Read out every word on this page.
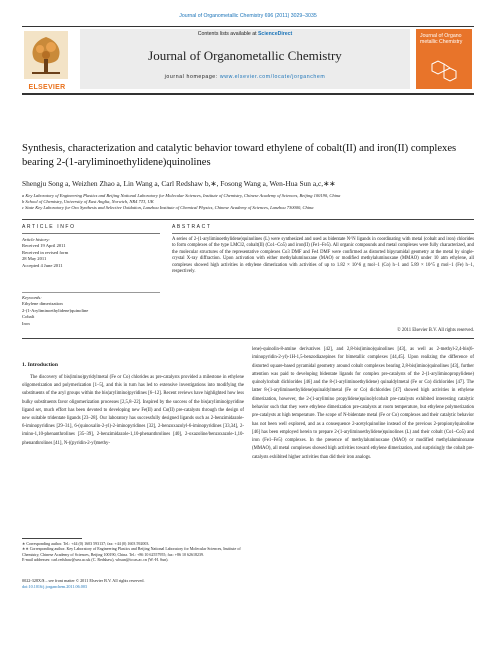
Journal of Organometallic Chemistry 696 (2011) 3029–3035
ELSEVIER
Contents lists available at ScienceDirect
Journal of Organometallic Chemistry
journal homepage: www.elsevier.com/locate/jorganchem
Journal of Organo metallic Chemistry
Synthesis, characterization and catalytic behavior toward ethylene of cobalt(II) and iron(II) complexes bearing 2-(1-aryliminoethylidene)quinolines
Shengju Song a, Weizhen Zhao a, Lin Wang a, Carl Redshaw b,∗, Fosong Wang a, Wen-Hua Sun a,c,∗∗
a Key Laboratory of Engineering Plastics and Beijing National Laboratory for Molecular Sciences, Institute of Chemistry, Chinese Academy of Sciences, Beijing 100190, China
b School of Chemistry, University of East Anglia, Norwich, NR4 7TJ, UK
c State Key Laboratory for Oxo Synthesis and Selective Oxidation, Lanzhou Institute of Chemical Physics, Chinese Academy of Sciences, Lanzhou 730000, China
ARTICLE INFO	ABSTRACT
Article history:
Received 19 April 2011
Received in revised form
28 May 2011
Accepted 4 June 2011
Keywords:
Ethylene dimerization
2-(1-Aryliminoethylidene)quinoline
Cobalt
Iron
A series of 2-(1-aryliminoethylidene)quinolines (L) were synthesized and used as bidentate N^N ligands in coordinating with metal (cobalt and iron) chlorides to form complexes of the type LMCl2, cobalt(II) (Co1–Co5) and iron(II) (Fe1–Fe5). All organic compounds and metal complexes were fully characterized, and the molecular structures of the representative complexes Co3 DMF and Fe4 DMF were confirmed as distorted bipyramidal geometry at the metal by single-crystal X-ray diffraction. Upon activation with either methylaluminoxane (MAO) or modified methylaluminoxane (MMAO) under 10 atm ethylene, all complexes showed high activities in ethylene dimerization with activities of up to 1.82 × 10^6 g mol−1 (Co) h−1 and 5.89 × 10^5 g mol−1 (Fe) h−1, respectively.
© 2011 Elsevier B.V. All rights reserved.
1. Introduction
The discovery of bis(imino)pyridylmetal (Fe or Co) chlorides as pre-catalysts provided a milestone in ethylene oligomerization and polymerization [1–5], and this in turn has led to extensive investigations into modifying the substituents of the aryl groups within the bis(arylimino)pyridines [6–12]. Recent reviews have highlighted how less bulky substituents favor oligomerization processes [2,5,8–22]. Inspired by the success of the bis(arylimino)pyridine ligand set, much effort has been devoted to developing new Fe(II) and Co(II) pre-catalysts through the design of new suitable tridentate ligands [23–28]. Our laboratory has successfully designed ligands such as 2-benzimidazole-6-iminopyridines [29–31], 6-(quinoxalin-2-yl)-2-iminopyridines [32], 2-benzoxazolyl-6-iminopyridines [33,34], 2-imino-1,10-phenanthrolines [35–39], 2-benzimidazole-1,10-phenanthrolines [40], 2-oxazoline/benzoxazole-1,10-phenanthrolines [41], N-((pyridin-2-yl)methy-
lene)-quinolin-8-amine derivatives [42], and 2,8-bis(imino)quinolines [43], as well as 2-methyl-2,4-bis(6-iminopyridin-2-yl)-1H-1,5-benzodiazepines for bimetallic complexes [44,45]. Upon realizing the difference of distorted square-based pyramidal geometry around cobalt complexes bearing 2,8-bis(imino)quinolines [43], further attention was paid to developing bidentate ligands for complex pre-catalysts of the 2-(1-aryliminopropylidene) quinolylcobalt dichlorides [46] and the 8-(1-aryliminoethylidene) quinaldylmetal (Fe or Co) dichlorides [47]. The latter 8-(1-aryliminoethylidene)quinaldylmetal (Fe or Co) dichlorides [47] showed high activities in ethylene dimerization, however, the 2-(1-arylimino propylidene)quinolylcobalt pre-catalysts exhibited interesting catalytic behavior such that they were ethylene dimerization pre-catalysts at room temperature, but ethylene polymerization pre-catalysts at high temperature. The scope of N-bidentate metal (Fe or Co) complexes and their catalytic behavior has not been well explored, and as a consequence 2-acetylquinoline instead of the previous 2-propionylquinoline [46] has been employed herein to prepare 2-(1-aryliminoethylidene)quinolines (L) and their cobalt (Co1–Co5) and iron (Fe1–Fe5) complexes. In the presence of methylaluminoxane (MAO) or modified methylaluminoxane (MMAO), all metal complexes showed high activities toward ethylene dimerization, and surprisingly the cobalt pre-catalysts exhibited higher activities than did their iron analogs.
∗ Corresponding author. Tel.: +44 (0) 1603 593137; fax: +44 (0) 1603 592003.
∗∗ Corresponding author. Key Laboratory of Engineering Plastics and Beijing National Laboratory for Molecular Sciences, Institute of Chemistry, Chinese Academy of Sciences, Beijing 100190, China. Tel.: +86 10 62557955; fax: +86 10 62618239.
E-mail addresses: carl.redshaw@uea.ac.uk (C. Redshaw), whsun@iccas.ac.cn (W.-H. Sun).
0022-328X/$ – see front matter © 2011 Elsevier B.V. All rights reserved.
doi:10.1016/j.jorganchem.2011.06.003
